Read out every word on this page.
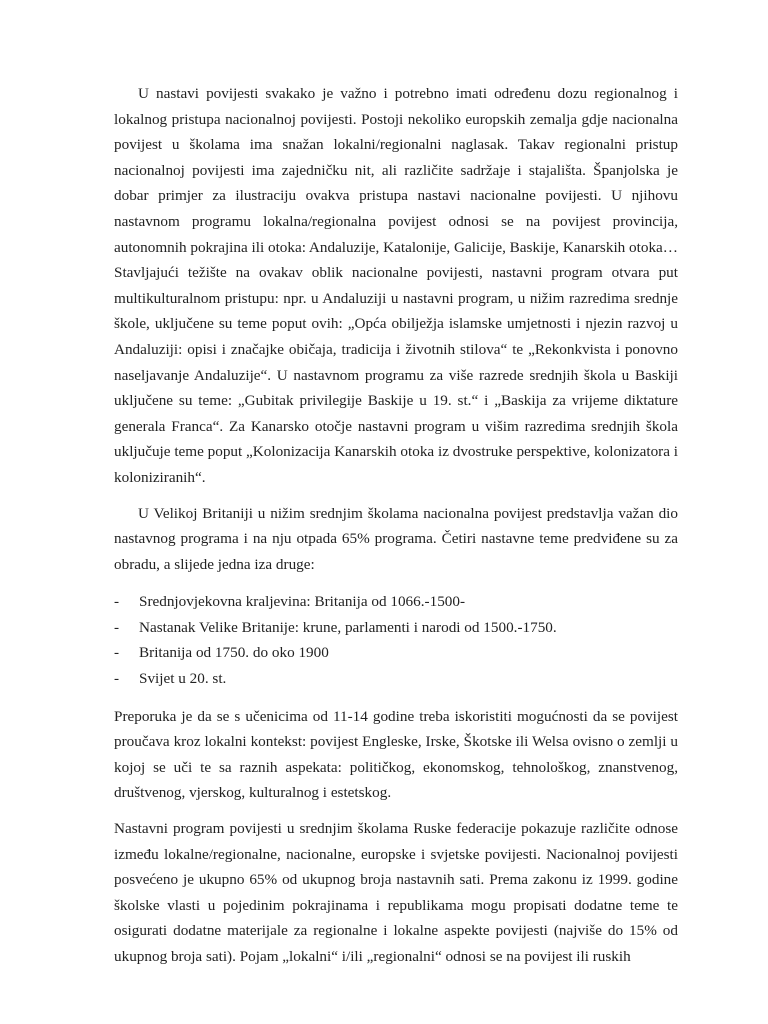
U nastavi povijesti svakako je važno i potrebno imati određenu dozu regionalnog i lokalnog pristupa nacionalnoj povijesti. Postoji nekoliko europskih zemalja gdje nacionalna povijest u školama ima snažan lokalni/regionalni naglasak. Takav regionalni pristup nacionalnoj povijesti ima zajedničku nit, ali različite sadržaje i stajališta. Španjolska je dobar primjer za ilustraciju ovakva pristupa nastavi nacionalne povijesti. U njihovu nastavnom programu lokalna/regionalna povijest odnosi se na povijest provincija, autonomnih pokrajina ili otoka: Andaluzije, Katalonije, Galicije, Baskije, Kanarskih otoka… Stavljajući težište na ovakav oblik nacionalne povijesti, nastavni program otvara put multikulturalnom pristupu: npr. u Andaluziji u nastavni program, u nižim razredima srednje škole, uključene su teme poput ovih: „Opća obilježja islamske umjetnosti i njezin razvoj u Andaluziji: opisi i značajke običaja, tradicija i životnih stilova“ te „Rekonkvista i ponovno naseljavanje Andaluzije“. U nastavnom programu za više razrede srednjih škola u Baskiji uključene su teme: „Gubitak privilegije Baskije u 19. st.“ i „Baskija za vrijeme diktature generala Franca“. Za Kanarsko otočje nastavni program u višim razredima srednjih škola uključuje teme poput „Kolonizacija Kanarskih otoka iz dvostruke perspektive, kolonizatora i koloniziranih“.

U Velikoj Britaniji u nižim srednjim školama nacionalna povijest predstavlja važan dio nastavnog programa i na nju otpada 65% programa. Četiri nastavne teme predviđene su za obradu, a slijede jedna iza druge:

- Srednjovjekovna kraljevina: Britanija od 1066.-1500-
- Nastanak Velike Britanije: krune, parlamenti i narodi od 1500.-1750.
- Britanija od 1750. do oko 1900
- Svijet u 20. st.

Preporuka je da se s učenicima od 11-14 godine treba iskoristiti mogućnosti da se povijest proučava kroz lokalni kontekst: povijest Engleske, Irske, Škotske ili Welsa ovisno o zemlji u kojoj se uči te sa raznih aspekata: političkog, ekonomskog, tehnološkog, znanstvenog, društvenog, vjerskog, kulturalnog i estetskog.

Nastavni program povijesti u srednjim školama Ruske federacije pokazuje različite odnose između lokalne/regionalne, nacionalne, europske i svjetske povijesti. Nacionalnoj povijesti posvećeno je ukupno 65% od ukupnog broja nastavnih sati. Prema zakonu iz 1999. godine školske vlasti u pojedinim pokrajinama i republikama mogu propisati dodatne teme te osigurati dodatne materijale za regionalne i lokalne aspekte povijesti (najviše do 15% od ukupnog broja sati). Pojam „lokalni“ i/ili „regionalni“ odnosi se na povijest ili ruskih
